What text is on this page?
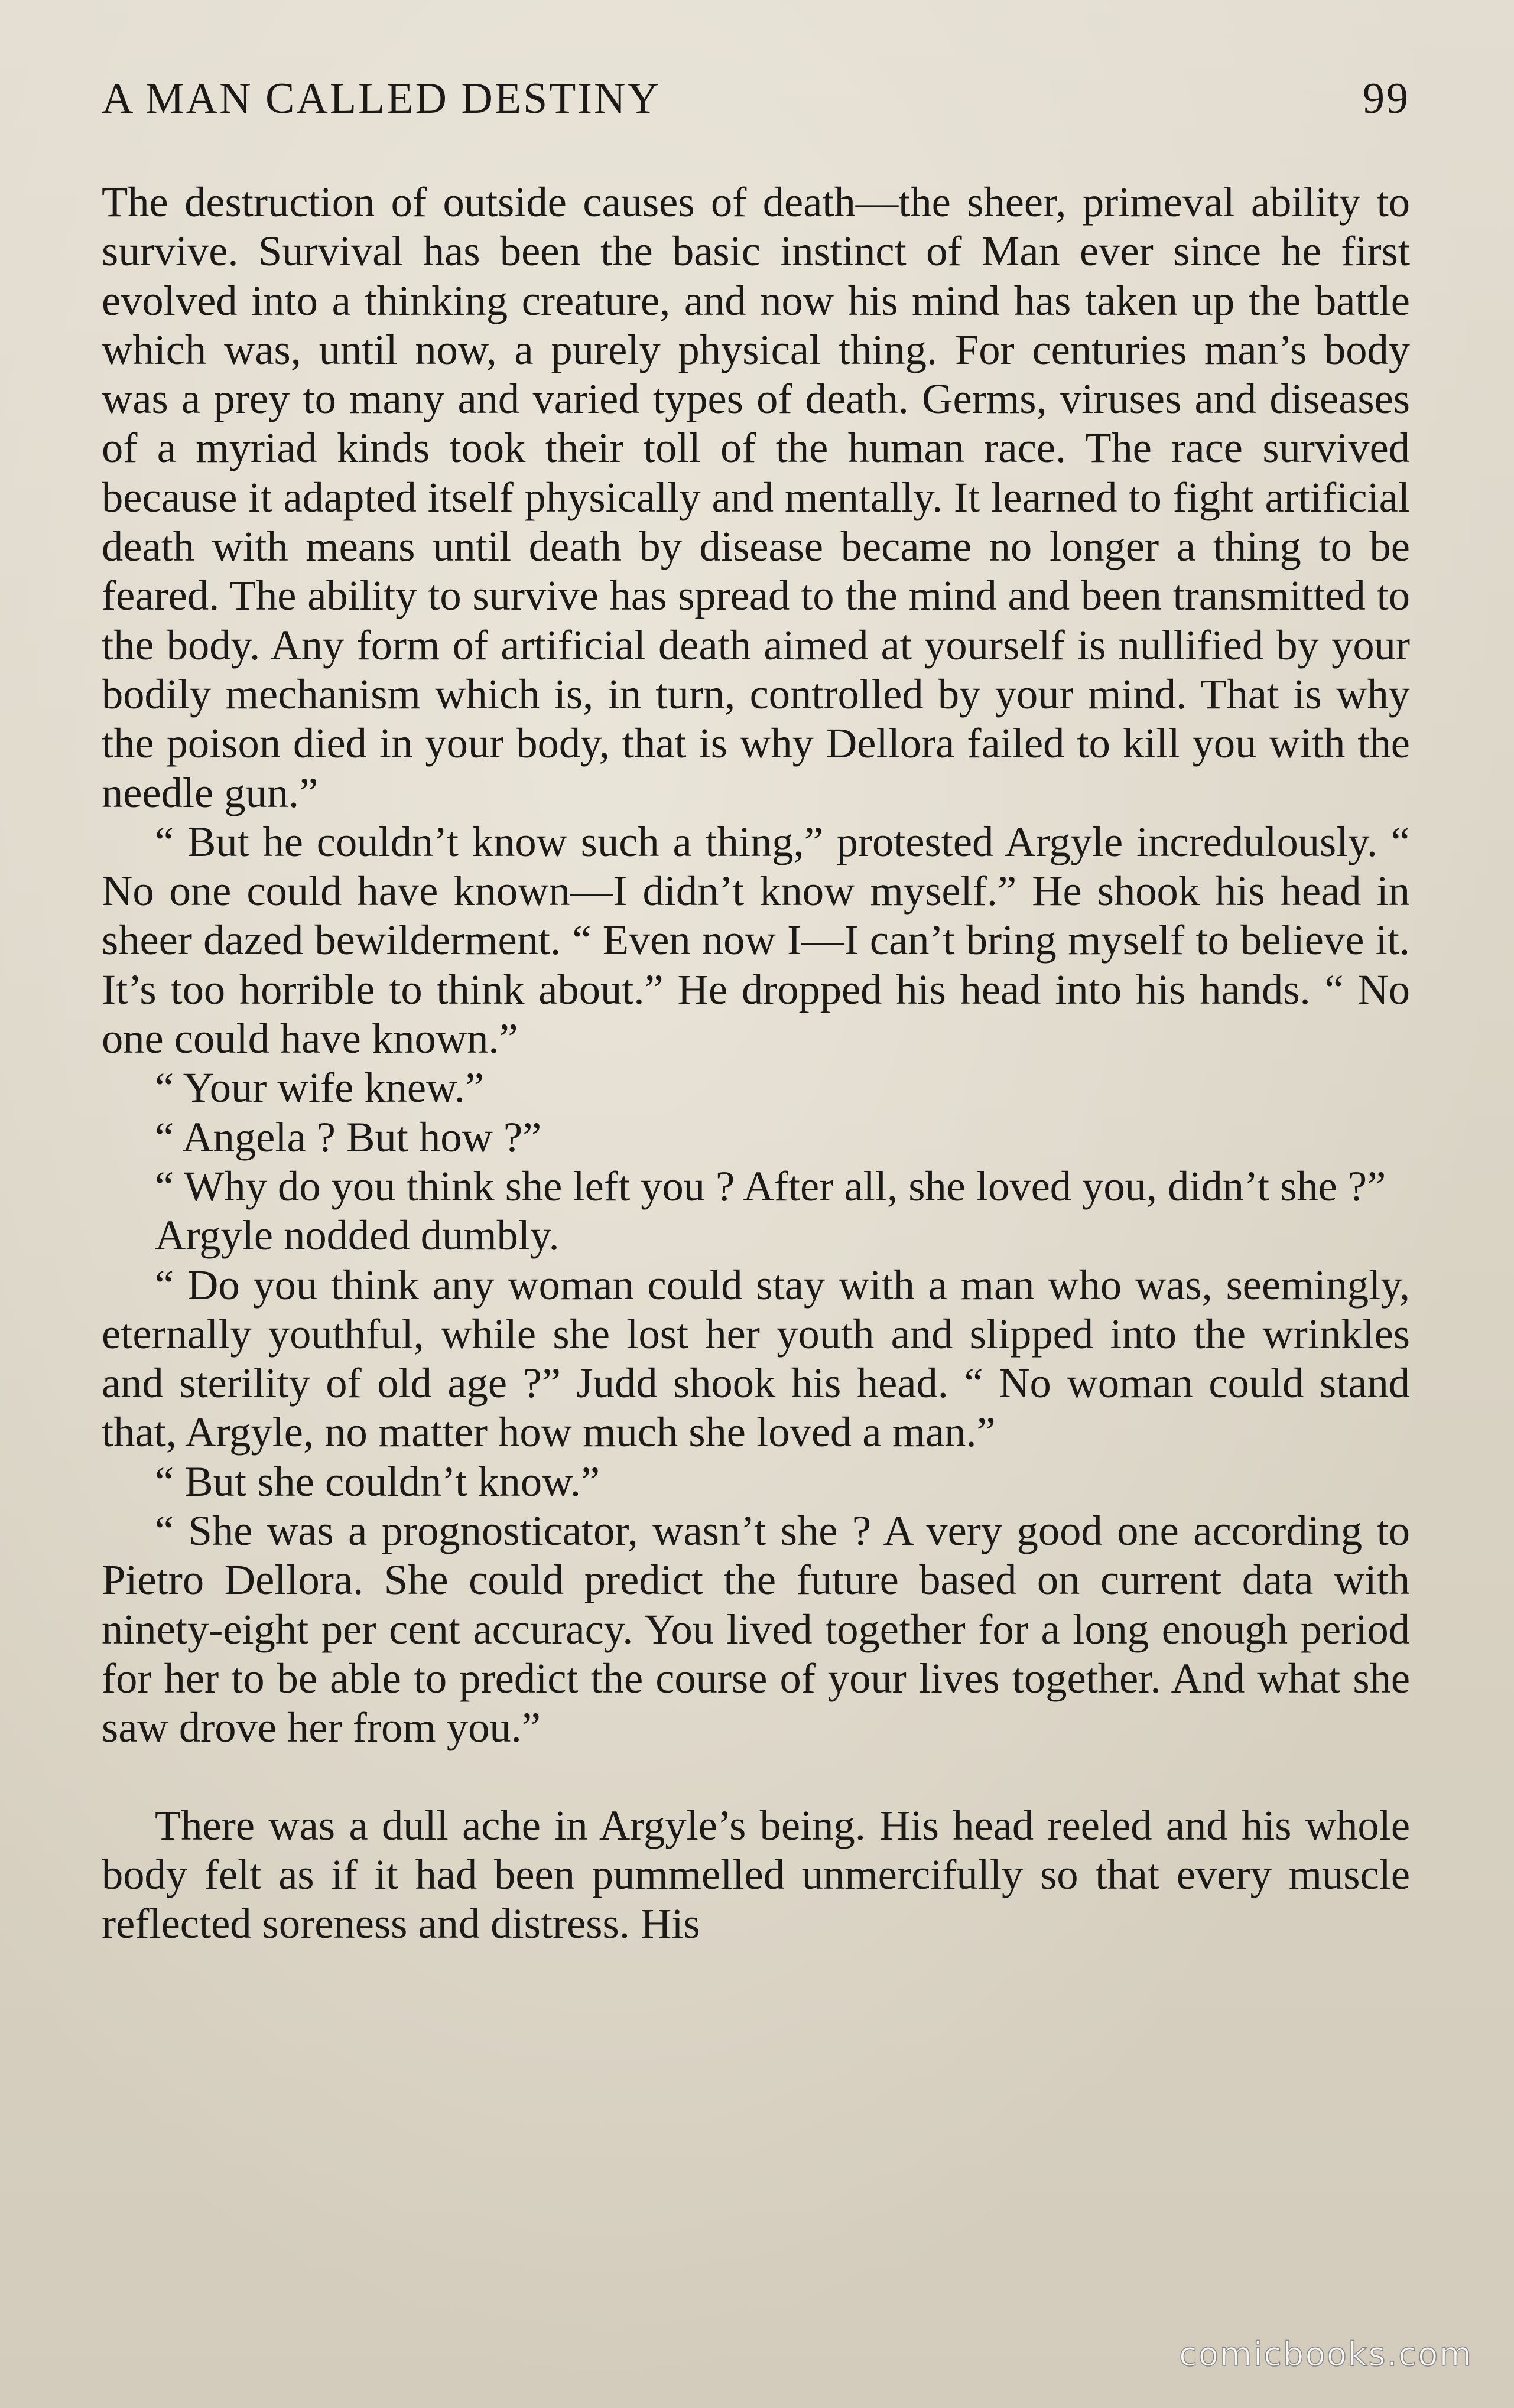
A MAN CALLED DESTINY	99

The destruction of outside causes of death—the sheer, primeval ability to survive. Survival has been the basic instinct of Man ever since he first evolved into a thinking creature, and now his mind has taken up the battle which was, until now, a purely physical thing. For centuries man’s body was a prey to many and varied types of death. Germs, viruses and diseases of a myriad kinds took their toll of the human race. The race survived because it adapted itself physically and mentally. It learned to fight artificial death with means until death by disease became no longer a thing to be feared. The ability to survive has spread to the mind and been transmitted to the body. Any form of artificial death aimed at yourself is nullified by your bodily mechanism which is, in turn, controlled by your mind. That is why the poison died in your body, that is why Dellora failed to kill you with the needle gun.”

“ But he couldn’t know such a thing,” protested Argyle incredulously. “ No one could have known—I didn’t know myself.” He shook his head in sheer dazed bewilderment. “ Even now I—I can’t bring myself to believe it. It’s too horrible to think about.” He dropped his head into his hands. “ No one could have known.”

“ Your wife knew.”

“ Angela ? But how ?”

“ Why do you think she left you ? After all, she loved you, didn’t she ?”

Argyle nodded dumbly.

“ Do you think any woman could stay with a man who was, seemingly, eternally youthful, while she lost her youth and slipped into the wrinkles and sterility of old age ?” Judd shook his head. “ No woman could stand that, Argyle, no matter how much she loved a man.”

“ But she couldn’t know.”

“ She was a prognosticator, wasn’t she ? A very good one according to Pietro Dellora. She could predict the future based on current data with ninety-eight per cent accuracy. You lived together for a long enough period for her to be able to predict the course of your lives together. And what she saw drove her from you.”

There was a dull ache in Argyle’s being. His head reeled and his whole body felt as if it had been pummelled unmercifully so that every muscle reflected soreness and distress. His

comicbooks.com
